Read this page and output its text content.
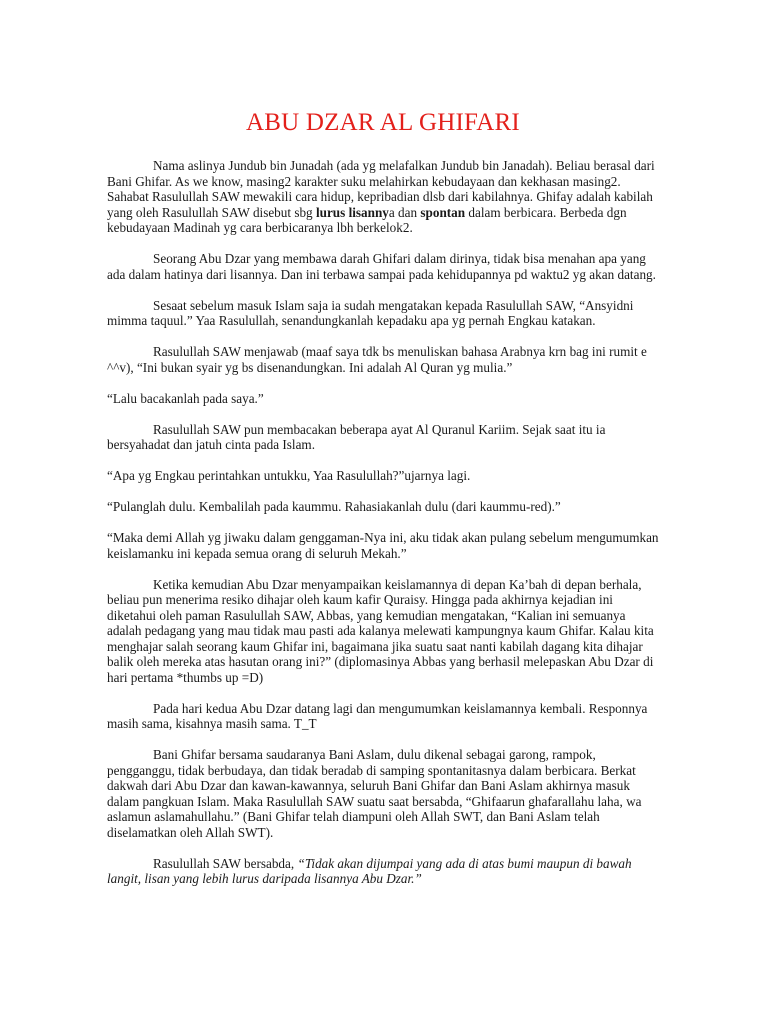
ABU DZAR AL GHIFARI

Nama aslinya Jundub bin Junadah (ada yg melafalkan Jundub bin Janadah). Beliau berasal dari Bani Ghifar. As we know, masing2 karakter suku melahirkan kebudayaan dan kekhasan masing2. Sahabat Rasulullah SAW mewakili cara hidup, kepribadian dlsb dari kabilahnya. Ghifay adalah kabilah yang oleh Rasulullah SAW disebut sbg lurus lisannya dan spontan dalam berbicara. Berbeda dgn kebudayaan Madinah yg cara berbicaranya lbh berkelok2.

Seorang Abu Dzar yang membawa darah Ghifari dalam dirinya, tidak bisa menahan apa yang ada dalam hatinya dari lisannya. Dan ini terbawa sampai pada kehidupannya pd waktu2 yg akan datang.

Sesaat sebelum masuk Islam saja ia sudah mengatakan kepada Rasulullah SAW, “Ansyidni mimma taquul.” Yaa Rasulullah, senandungkanlah kepadaku apa yg pernah Engkau katakan.

Rasulullah SAW menjawab (maaf saya tdk bs menuliskan bahasa Arabnya krn bag ini rumit e ^^v), “Ini bukan syair yg bs disenandungkan. Ini adalah Al Quran yg mulia.”

“Lalu bacakanlah pada saya.”

Rasulullah SAW pun membacakan beberapa ayat Al Quranul Kariim. Sejak saat itu ia bersyahadat dan jatuh cinta pada Islam.

“Apa yg Engkau perintahkan untukku, Yaa Rasulullah?”ujarnya lagi.

“Pulanglah dulu. Kembalilah pada kaummu. Rahasiakanlah dulu (dari kaummu-red).”

“Maka demi Allah yg jiwaku dalam genggaman-Nya ini, aku tidak akan pulang sebelum mengumumkan keislamanku ini kepada semua orang di seluruh Mekah.”

Ketika kemudian Abu Dzar menyampaikan keislamannya di depan Ka’bah di depan berhala, beliau pun menerima resiko dihajar oleh kaum kafir Quraisy. Hingga pada akhirnya kejadian ini diketahui oleh paman Rasulullah SAW, Abbas, yang kemudian mengatakan, “Kalian ini semuanya adalah pedagang yang mau tidak mau pasti ada kalanya melewati kampungnya kaum Ghifar. Kalau kita menghajar salah seorang kaum Ghifar ini, bagaimana jika suatu saat nanti kabilah dagang kita dihajar balik oleh mereka atas hasutan orang ini?” (diplomasinya Abbas yang berhasil melepaskan Abu Dzar di hari pertama *thumbs up =D)

Pada hari kedua Abu Dzar datang lagi dan mengumumkan keislamannya kembali. Responnya masih sama, kisahnya masih sama. T_T

Bani Ghifar bersama saudaranya Bani Aslam, dulu dikenal sebagai garong, rampok, pengganggu, tidak berbudaya, dan tidak beradab di samping spontanitasnya dalam berbicara. Berkat dakwah dari Abu Dzar dan kawan-kawannya, seluruh Bani Ghifar dan Bani Aslam akhirnya masuk dalam pangkuan Islam. Maka Rasulullah SAW suatu saat bersabda, “Ghifaarun ghafarallahu laha, wa aslamun aslamahullahu.” (Bani Ghifar telah diampuni oleh Allah SWT, dan Bani Aslam telah diselamatkan oleh Allah SWT).

Rasulullah SAW bersabda, “Tidak akan dijumpai yang ada di atas bumi maupun di bawah langit, lisan yang lebih lurus daripada lisannya Abu Dzar.”
